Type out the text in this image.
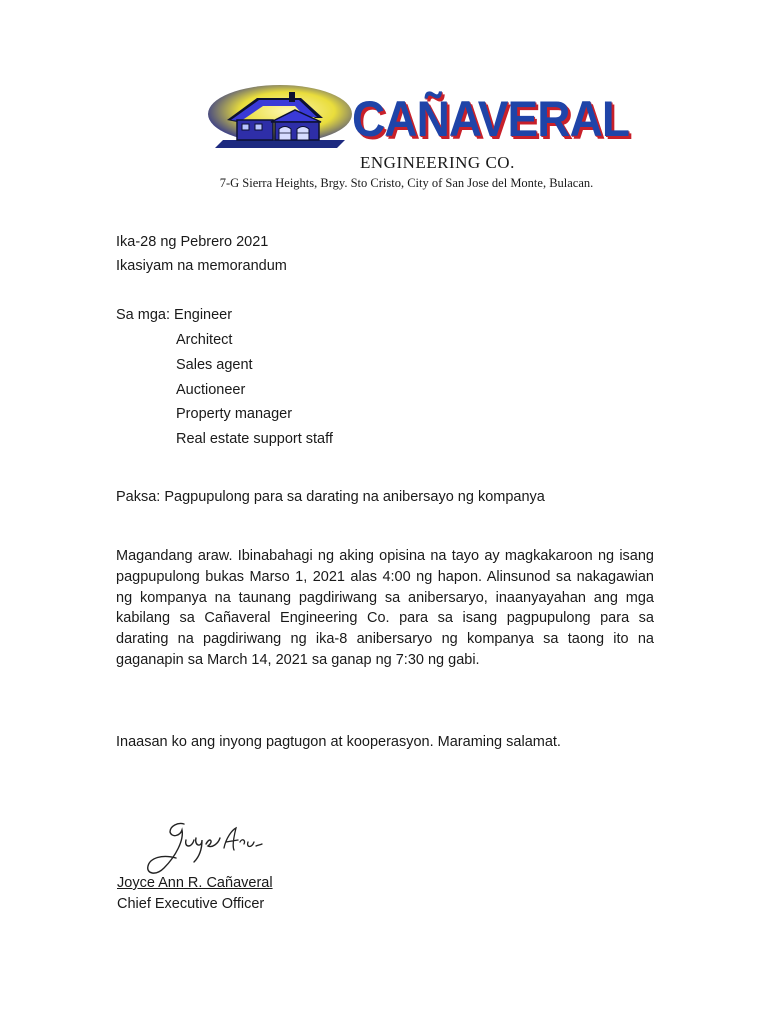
CAÑAVERAL
ENGINEERING CO.
7-G Sierra Heights, Brgy. Sto Cristo, City of San Jose del Monte, Bulacan.
Ika-28 ng Pebrero 2021
Ikasiyam na memorandum
Sa mga: Engineer
Architect
Sales agent
Auctioneer
Property manager
Real estate support staff
Paksa: Pagpupulong para sa darating na anibersayo ng kompanya
Magandang araw. Ibinabahagi ng aking opisina na tayo ay magkakaroon ng isang pagpupulong bukas Marso 1, 2021 alas 4:00 ng hapon. Alinsunod sa nakagawian ng kompanya na taunang pagdiriwang sa anibersaryo, inaanyayahan ang mga kabilang sa Cañaveral Engineering Co. para sa isang pagpupulong para sa darating na pagdiriwang ng ika-8 anibersaryo ng kompanya sa taong ito na gaganapin sa March 14, 2021 sa ganap ng 7:30 ng gabi.
Inaasan ko ang inyong pagtugon at kooperasyon. Maraming salamat.
Joyce Ann R. Cañaveral
Chief Executive Officer
